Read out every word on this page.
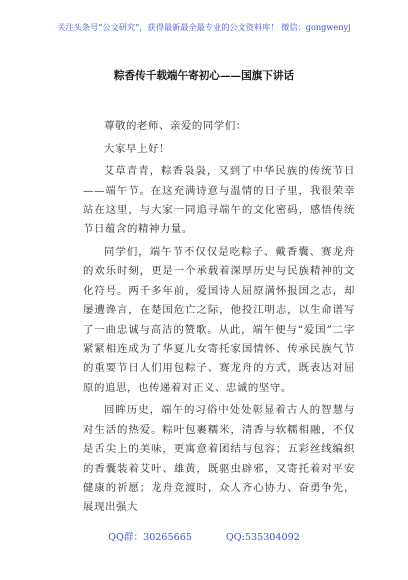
关注头条号“公文研究”，获得最新最全最专业的公文资料库！ 微信：gongwenyj
粽香传千载端午寄初心——国旗下讲话

尊敬的老师、亲爱的同学们：

大家早上好！

艾草青青，粽香袅袅，又到了中华民族的传统节日——端午节。在这充满诗意与温情的日子里，我很荣幸站在这里，与大家一同追寻端午的文化密码，感悟传统节日蕴含的精神力量。

同学们，端午节不仅仅是吃粽子、戴香囊、赛龙舟的欢乐时刻，更是一个承载着深厚历史与民族精神的文化符号。两千多年前，爱国诗人屈原满怀报国之志，却屡遭谗言，在楚国危亡之际，他投江明志，以生命谱写了一曲忠诚与高洁的赞歌。从此，端午便与“爱国”二字紧紧相连成为了华夏儿女寄托家国情怀、传承民族气节的重要节日人们用包粽子、赛龙舟的方式，既表达对屈原的追思，也传递着对正义、忠诚的坚守。

回眸历史，端午的习俗中处处彰显着古人的智慧与对生活的热爱。粽叶包裹糯米，清香与软糯相融，不仅是舌尖上的美味，更寓意着团结与包容；五彩丝线编织的香囊装着艾叶、雄黄，既驱虫辟邪，又寄托着对平安健康的祈愿；龙舟竞渡时，众人齐心协力、奋勇争先，展现出强大

QQ群：30265665	QQ:535304092
